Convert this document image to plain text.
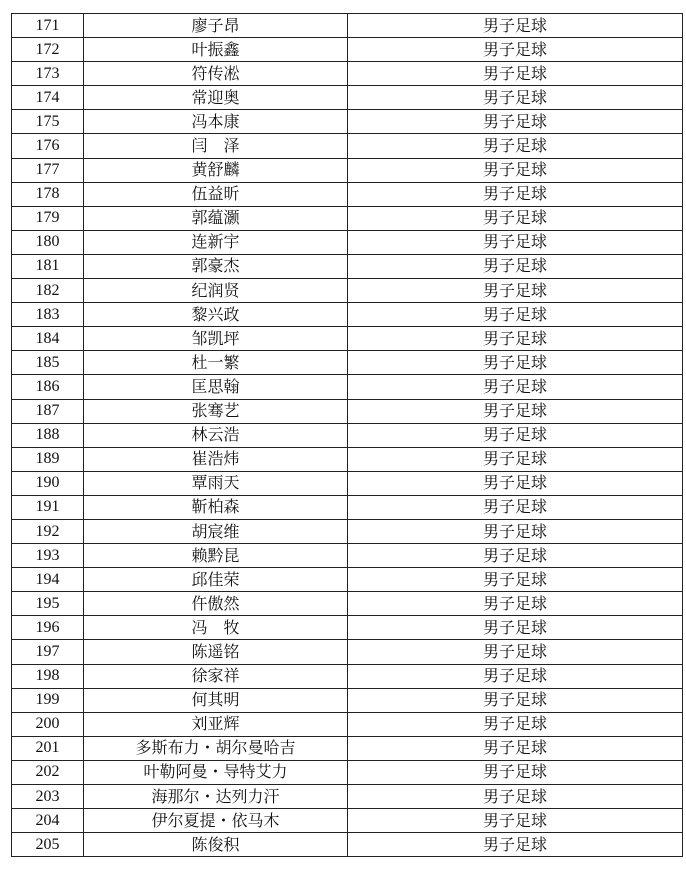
171	廖子昂	男子足球
172	叶振鑫	男子足球
173	符传凇	男子足球
174	常迎奥	男子足球
175	冯本康	男子足球
176	闫　泽	男子足球
177	黄舒麟	男子足球
178	伍益昕	男子足球
179	郭蕴灏	男子足球
180	连新宇	男子足球
181	郭豪杰	男子足球
182	纪润贤	男子足球
183	黎兴政	男子足球
184	邹凯坪	男子足球
185	杜一繁	男子足球
186	匡思翰	男子足球
187	张骞艺	男子足球
188	林云浩	男子足球
189	崔浩炜	男子足球
190	覃雨天	男子足球
191	靳柏森	男子足球
192	胡宸维	男子足球
193	赖黔昆	男子足球
194	邱佳荣	男子足球
195	仵傲然	男子足球
196	冯　牧	男子足球
197	陈遥铭	男子足球
198	徐家祥	男子足球
199	何其明	男子足球
200	刘亚辉	男子足球
201	多斯布力・胡尔曼哈吉	男子足球
202	叶勒阿曼・导特艾力	男子足球
203	海那尔・达列力汗	男子足球
204	伊尔夏提・依马木	男子足球
205	陈俊积	男子足球
